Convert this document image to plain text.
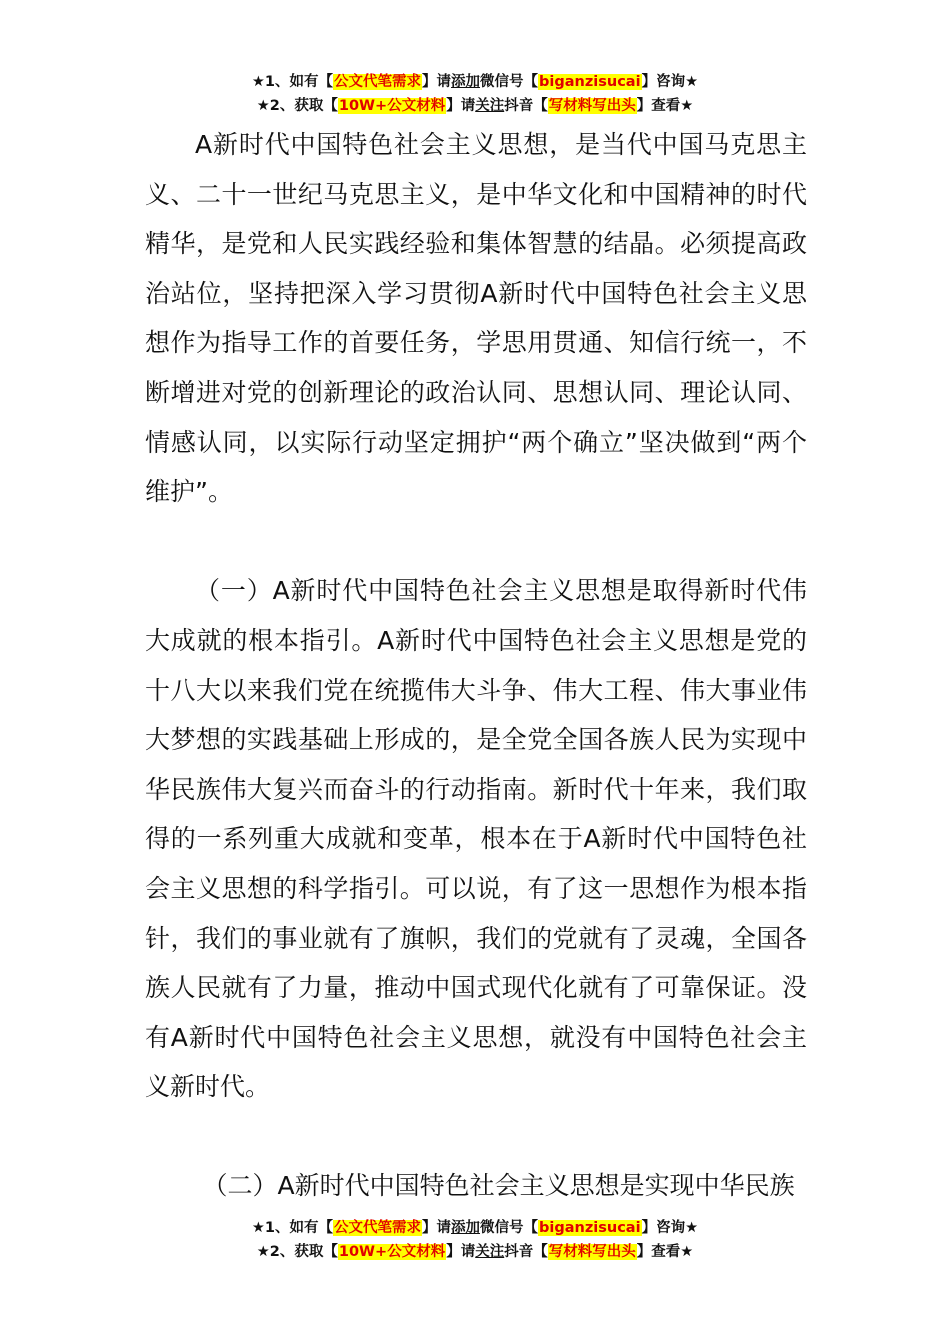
★1、如有【公文代笔需求】请添加微信号【biganzisucai】咨询★
★2、获取【10W+公文材料】请关注抖音【写材料写出头】查看★

A新时代中国特色社会主义思想，是当代中国马克思主义、二十一世纪马克思主义，是中华文化和中国精神的时代精华，是党和人民实践经验和集体智慧的结晶。必须提高政治站位，坚持把深入学习贯彻A新时代中国特色社会主义思想作为指导工作的首要任务，学思用贯通、知信行统一，不断增进对党的创新理论的政治认同、思想认同、理论认同、情感认同，以实际行动坚定拥护“两个确立”坚决做到“两个维护”。

（一）A新时代中国特色社会主义思想是取得新时代伟大成就的根本指引。A新时代中国特色社会主义思想是党的十八大以来我们党在统揽伟大斗争、伟大工程、伟大事业伟大梦想的实践基础上形成的，是全党全国各族人民为实现中华民族伟大复兴而奋斗的行动指南。新时代十年来，我们取得的一系列重大成就和变革，根本在于A新时代中国特色社会主义思想的科学指引。可以说，有了这一思想作为根本指针，我们的事业就有了旗帜，我们的党就有了灵魂，全国各族人民就有了力量，推动中国式现代化就有了可靠保证。没有A新时代中国特色社会主义思想，就没有中国特色社会主义新时代。

（二）A新时代中国特色社会主义思想是实现中华民族

★1、如有【公文代笔需求】请添加微信号【biganzisucai】咨询★
★2、获取【10W+公文材料】请关注抖音【写材料写出头】查看★
